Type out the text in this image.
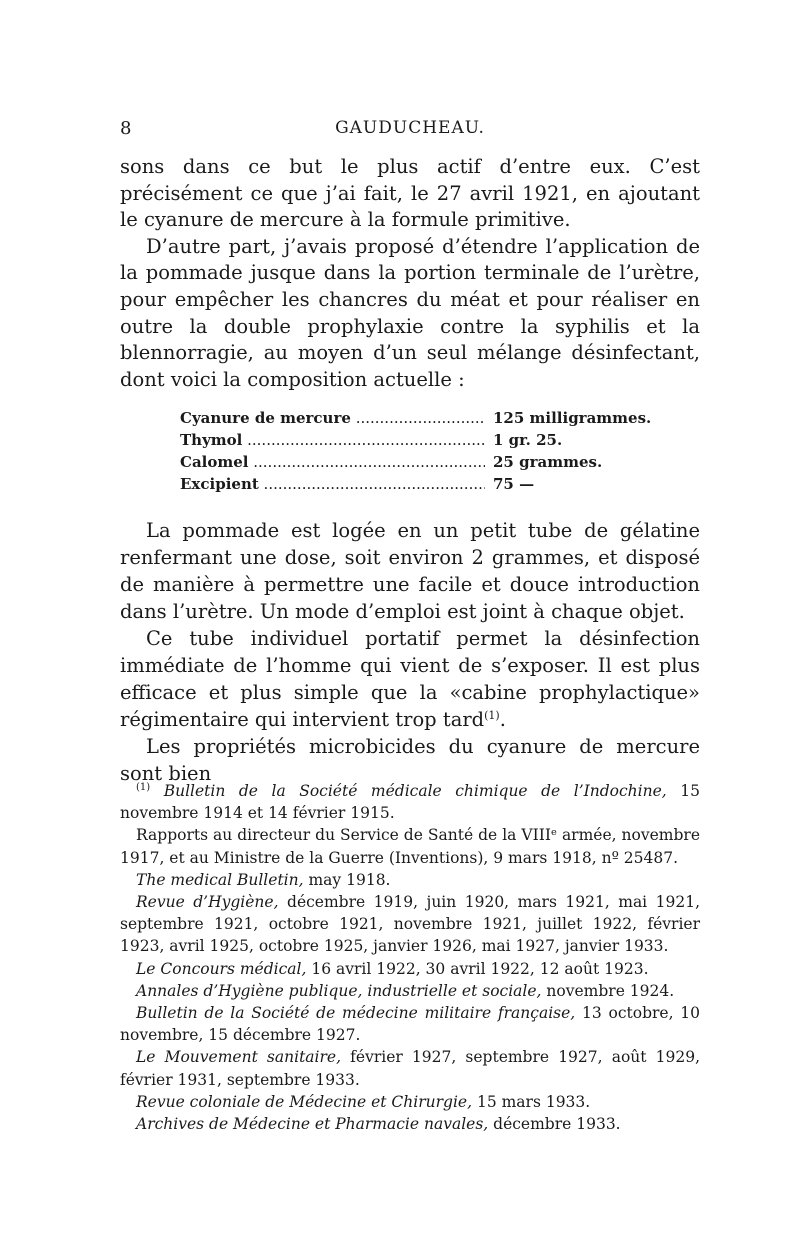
8	GAUDUCHEAU.

sons dans ce but le plus actif d’entre eux. C’est précisément ce que j’ai fait, le 27 avril 1921, en ajoutant le cyanure de mercure à la formule primitive.

D’autre part, j’avais proposé d’étendre l’application de la pommade jusque dans la portion terminale de l’urètre, pour empêcher les chancres du méat et pour réaliser en outre la double prophylaxie contre la syphilis et la blennorragie, au moyen d’un seul mélange désinfectant, dont voici la composition actuelle :

Cyanure de mercure .....	125 milligrammes.
Thymol .....	1 gr. 25.
Calomel .....	25 grammes.
Excipient .....	75 —

La pommade est logée en un petit tube de gélatine renfermant une dose, soit environ 2 grammes, et disposé de manière à permettre une facile et douce introduction dans l’urètre. Un mode d’emploi est joint à chaque objet.

Ce tube individuel portatif permet la désinfection immédiate de l’homme qui vient de s’exposer. Il est plus efficace et plus simple que la «cabine prophylactique» régimentaire qui intervient trop tard$^{(1)}$.

Les propriétés microbicides du cyanure de mercure sont bien

$^{(1)}$ Bulletin de la Société médicale chimique de l’Indochine, 15 novembre 1914 et 14 février 1915.

Rapports au directeur du Service de Santé de la VIIIᵉ armée, novembre 1917, et au Ministre de la Guerre (Inventions), 9 mars 1918, nº 25487.

The medical Bulletin, may 1918.

Revue d’Hygiène, décembre 1919, juin 1920, mars 1921, mai 1921, septembre 1921, octobre 1921, novembre 1921, juillet 1922, février 1923, avril 1925, octobre 1925, janvier 1926, mai 1927, janvier 1933.

Le Concours médical, 16 avril 1922, 30 avril 1922, 12 août 1923.

Annales d’Hygiène publique, industrielle et sociale, novembre 1924.

Bulletin de la Société de médecine militaire française, 13 octobre, 10 novembre, 15 décembre 1927.

Le Mouvement sanitaire, février 1927, septembre 1927, août 1929, février 1931, septembre 1933.

Revue coloniale de Médecine et Chirurgie, 15 mars 1933.

Archives de Médecine et Pharmacie navales, décembre 1933.
